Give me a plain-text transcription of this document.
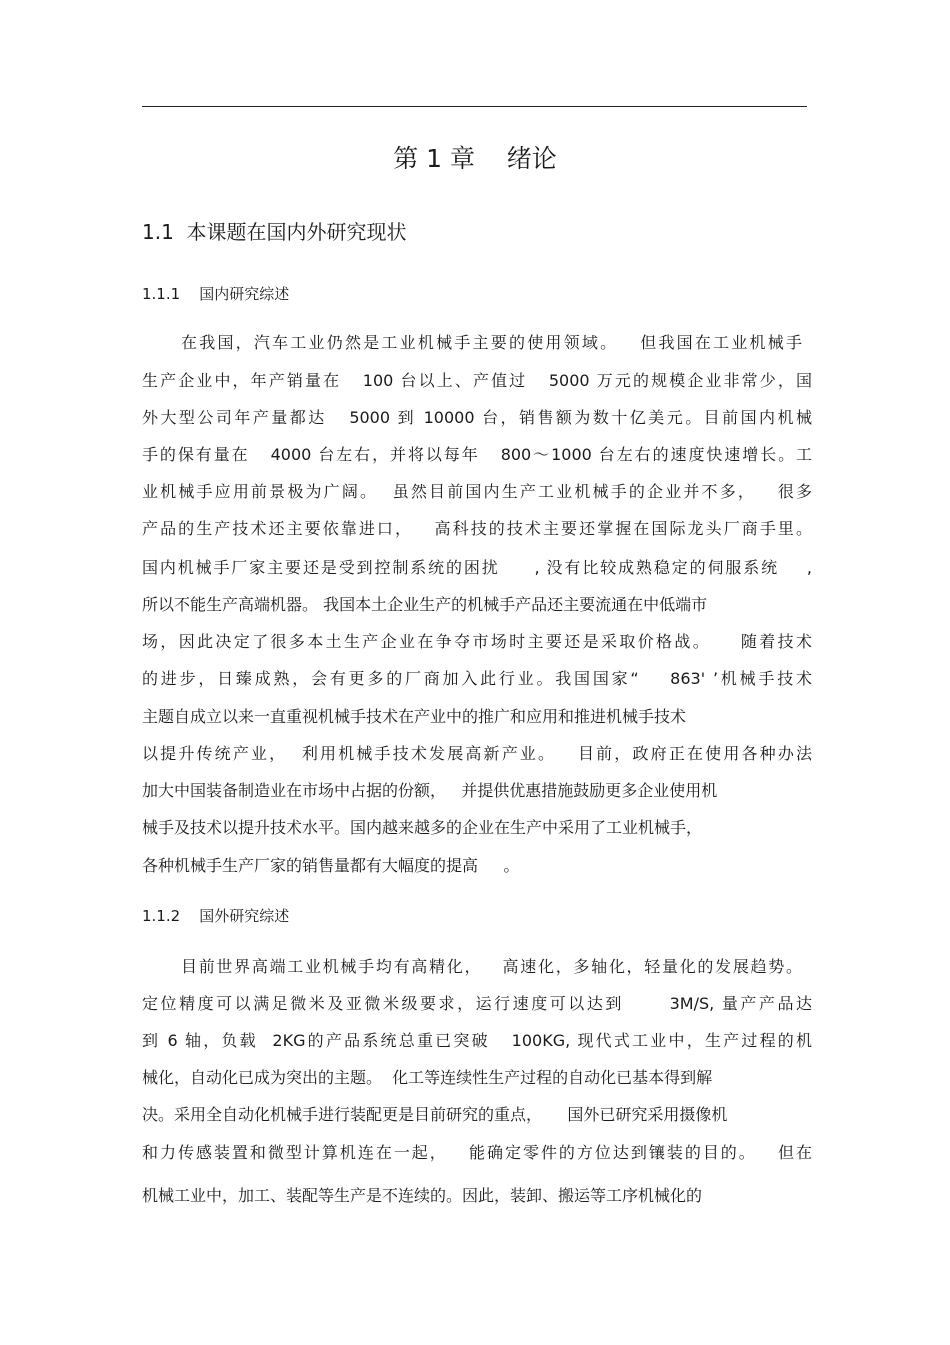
第 1 章    绪论
1.1  本课题在国内外研究现状
1.1.1    国内研究综述
在我国，汽车工业仍然是工业机械手主要的使用领域。   但我国在工业机械手
生产企业中，年产销量在   100 台以上、产值过   5000 万元的规模企业非常少，国
外大型公司年产量都达   5000 到 10000 台，销售额为数十亿美元。目前国内机械
手的保有量在   4000 台左右，并将以每年   800～1000 台左右的速度快速增长。工
业机械手应用前景极为广阔。  虽然目前国内生产工业机械手的企业并不多，   很多
产品的生产技术还主要依靠进口，   高科技的技术主要还掌握在国际龙头厂商手里。
国内机械手厂家主要还是受到控制系统的困扰     , 没有比较成熟稳定的伺服系统    ,
所以不能生产高端机器。 我国本土企业生产的机械手产品还主要流通在中低端市
场，因此决定了很多本土生产企业在争夺市场时主要还是采取价格战。    随着技术
的进步，日臻成熟，会有更多的厂商加入此行业。我国国家“    863' ’机械手技术
主题自成立以来一直重视机械手技术在产业中的推广和应用和推进机械手技术
以提升传统产业，  利用机械手技术发展高新产业。   目前，政府正在使用各种办法
加大中国装备制造业在市场中占据的份额，   并提供优惠措施鼓励更多企业使用机
械手及技术以提升技术水平。国内越来越多的企业在生产中采用了工业机械手，
各种机械手生产厂家的销售量都有大幅度的提高     。
1.1.2    国外研究综述
目前世界高端工业机械手均有高精化，   高速化，多轴化，轻量化的发展趋势。
定位精度可以满足微米及亚微米级要求，运行速度可以达到      3M/S, 量产产品达
到 6 轴，负载  2KG的产品系统总重已突破   100KG, 现代式工业中，生产过程的机
械化，自动化已成为突出的主题。  化工等连续性生产过程的自动化已基本得到解
决。采用全自动化机械手进行装配更是目前研究的重点，     国外已研究采用摄像机
和力传感装置和微型计算机连在一起，   能确定零件的方位达到镶装的目的。   但在
机械工业中，加工、装配等生产是不连续的。因此，装卸、搬运等工序机械化的
